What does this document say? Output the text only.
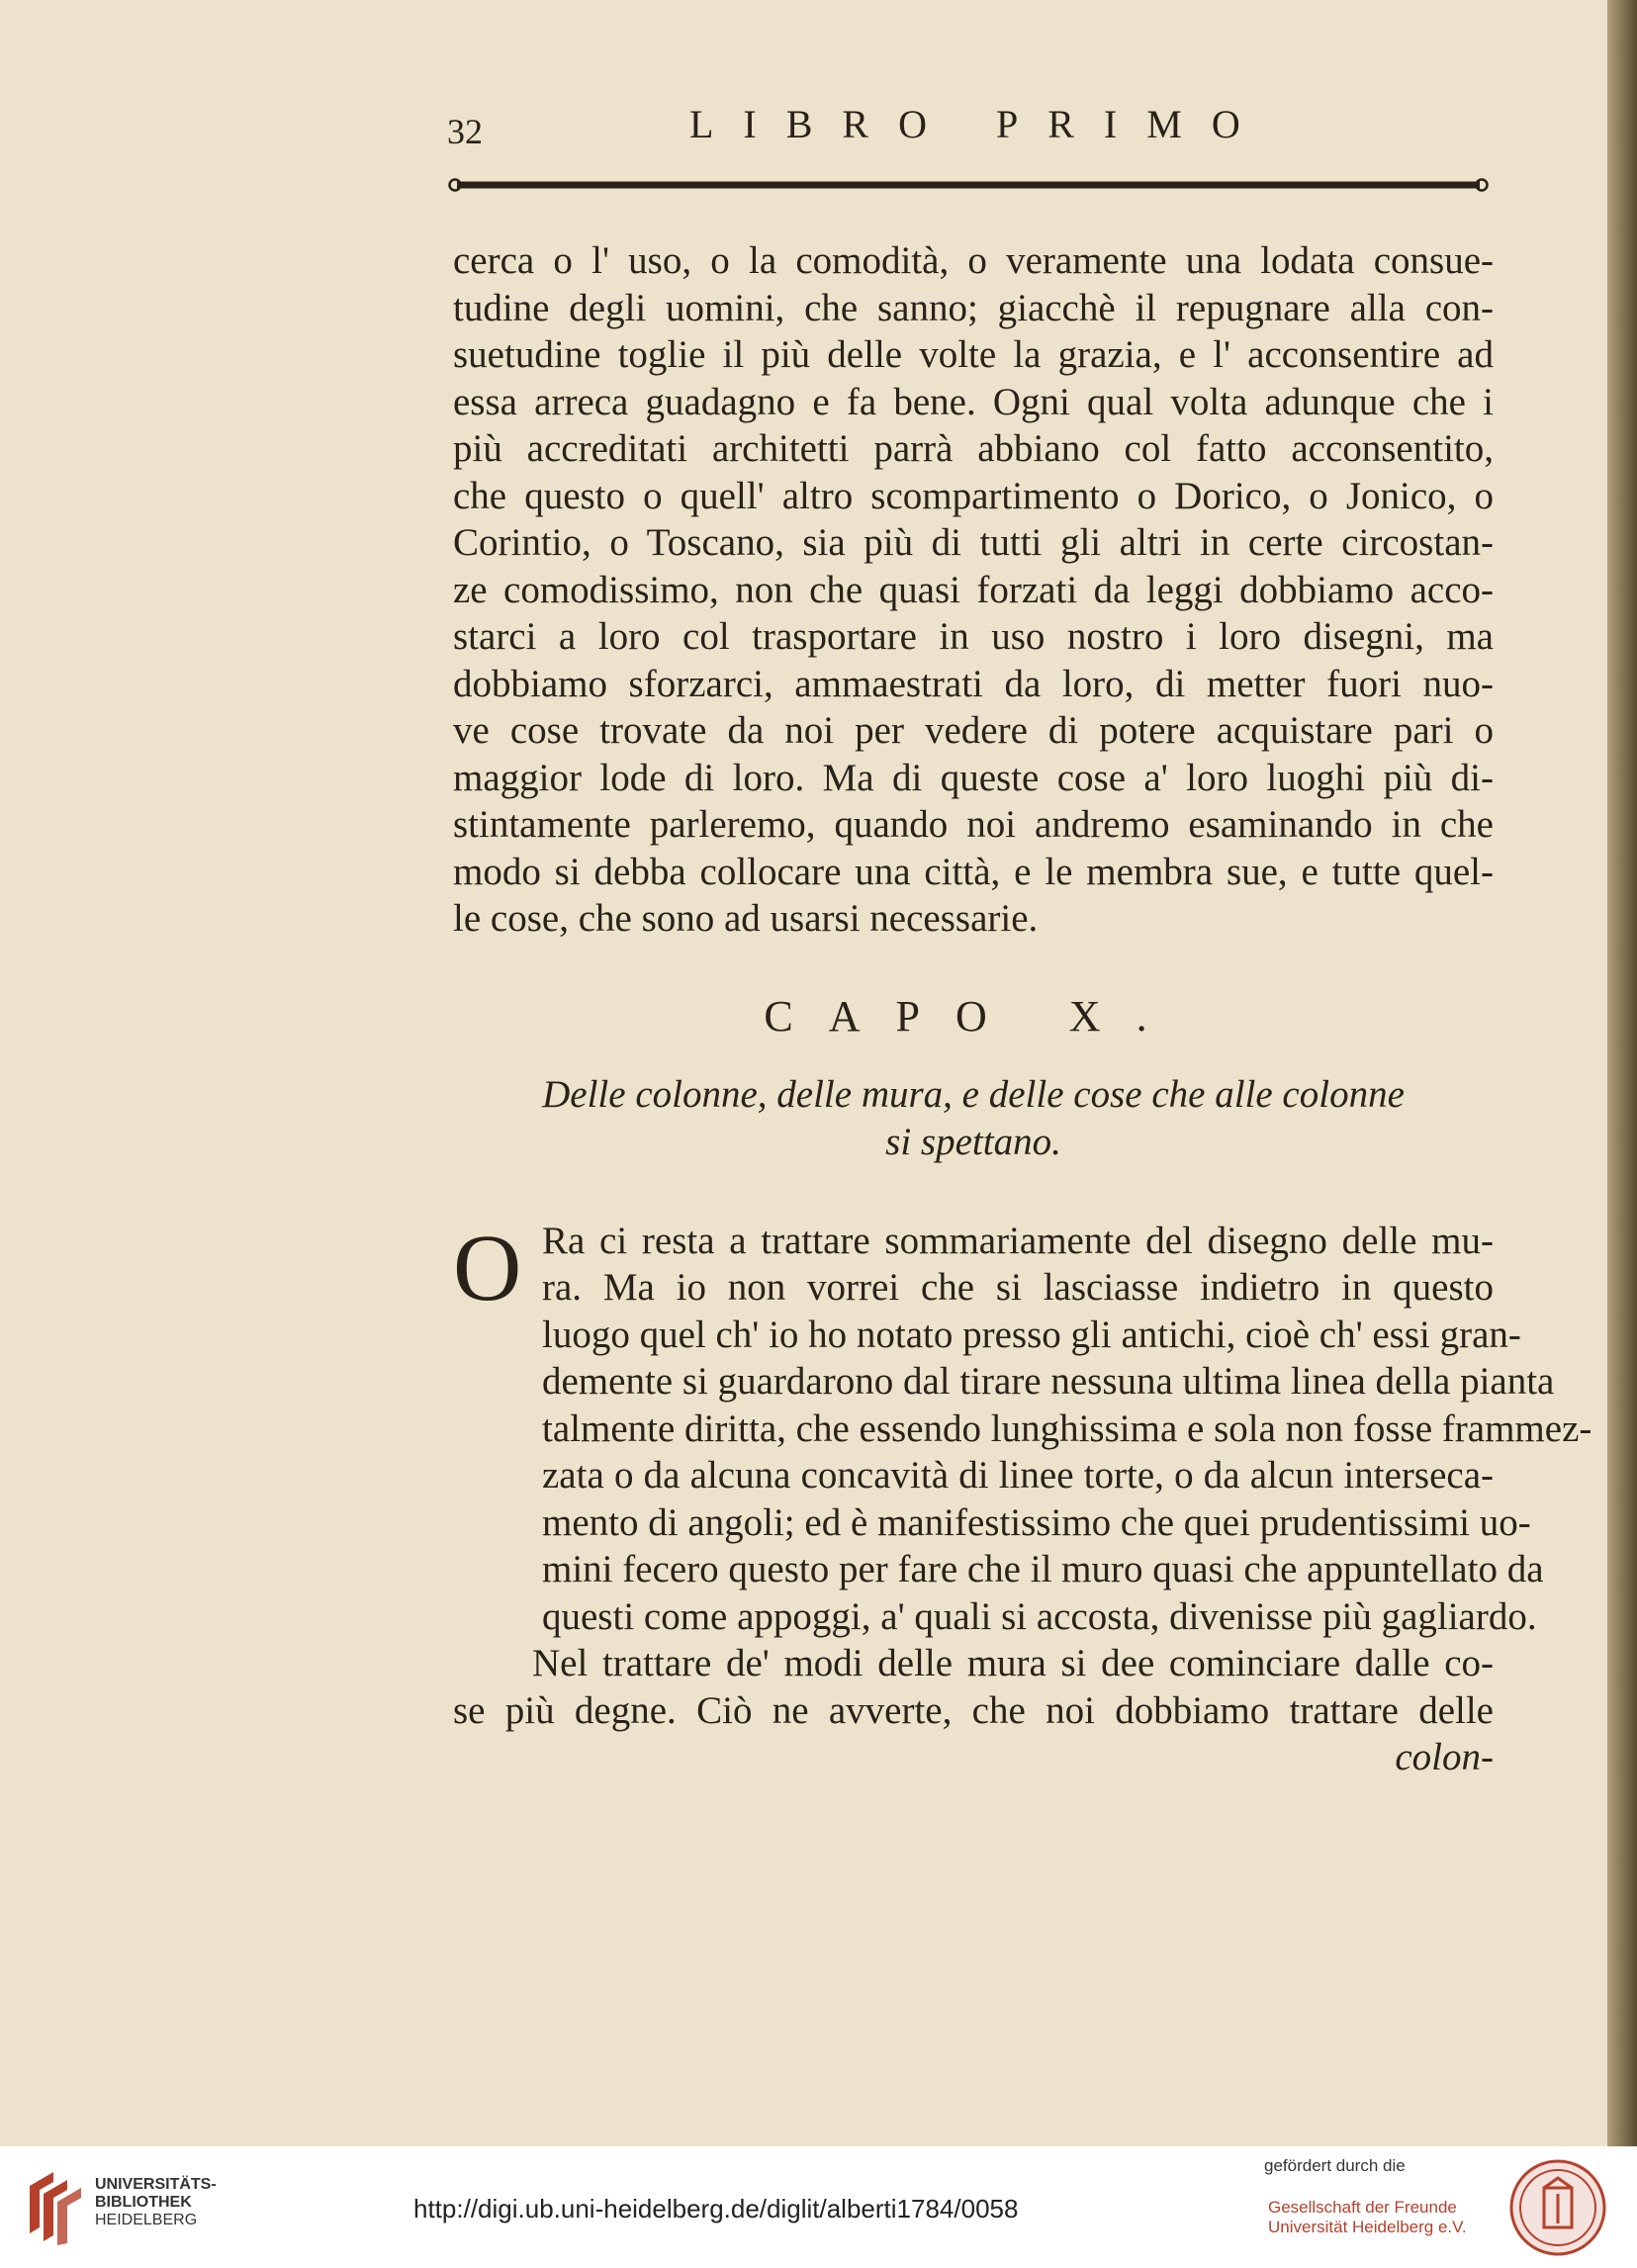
32	LIBRO PRIMO
cerca o l' uso, o la comodità, o veramente una lodata consue-
tudine degli uomini, che sanno; giacchè il repugnare alla con-
suetudine toglie il più delle volte la grazia, e l' acconsentire ad
essa arreca guadagno e fa bene. Ogni qual volta adunque che i
più accreditati architetti parrà abbiano col fatto acconsentito,
che questo o quell' altro scompartimento o Dorico, o Jonico, o
Corintio, o Toscano, sia più di tutti gli altri in certe circostan-
ze comodissimo, non che quasi forzati da leggi dobbiamo acco-
starci a loro col trasportare in uso nostro i loro disegni, ma
dobbiamo sforzarci, ammaestrati da loro, di metter fuori nuo-
ve cose trovate da noi per vedere di potere acquistare pari o
maggior lode di loro. Ma di queste cose a' loro luoghi più di-
stintamente parleremo, quando noi andremo esaminando in che
modo si debba collocare una città, e le membra sue, e tutte quel-
le cose, che sono ad usarsi necessarie.
CAPO X.
Delle colonne, delle mura, e delle cose che alle colonne
si spettano.
O Ra ci resta a trattare sommariamente del disegno delle mu-
ra. Ma io non vorrei che si lasciasse indietro in questo
luogo quel ch' io ho notato presso gli antichi, cioè ch' essi gran-
demente si guardarono dal tirare nessuna ultima linea della pianta
talmente diritta, che essendo lunghissima e sola non fosse frammez-
zata o da alcuna concavità di linee torte, o da alcun interseca-
mento di angoli; ed è manifestissimo che quei prudentissimi uo-
mini fecero questo per fare che il muro quasi che appuntellato da
questi come appoggi, a' quali si accosta, divenisse più gagliardo.
Nel trattare de' modi delle mura si dee cominciare dalle co-
se più degne. Ciò ne avverte, che noi dobbiamo trattare delle
colon-
UNIVERSITÄTS-
BIBLIOTHEK
HEIDELBERG	http://digi.ub.uni-heidelberg.de/diglit/alberti1784/0058
gefördert durch die
Gesellschaft der Freunde
Universität Heidelberg e.V.
